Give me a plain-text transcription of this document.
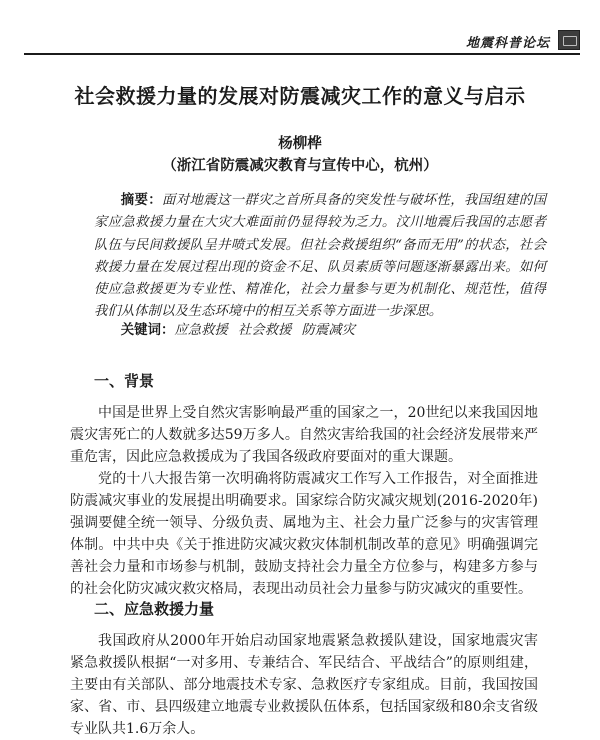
地震科普论坛
社会救援力量的发展对防震减灾工作的意义与启示
杨柳桦
（浙江省防震减灾教育与宣传中心，杭州）
摘要：面对地震这一群灾之首所具备的突发性与破坏性，我国组建的国家应急救援力量在大灾大难面前仍显得较为乏力。汶川地震后我国的志愿者队伍与民间救援队呈井喷式发展。但社会救援组织“备而无用”的状态，社会救援力量在发展过程出现的资金不足、队员素质等问题逐渐暴露出来。如何使应急救援更为专业性、精准化，社会力量参与更为机制化、规范性，值得我们从体制以及生态环境中的相互关系等方面进一步深思。
关键词：应急救援 社会救援 防震减灾
一、背景
中国是世界上受自然灾害影响最严重的国家之一，20世纪以来我国因地震灾害死亡的人数就多达59万多人。自然灾害给我国的社会经济发展带来严重危害，因此应急救援成为了我国各级政府要面对的重大课题。
党的十八大报告第一次明确将防震减灾工作写入工作报告，对全面推进防震减灾事业的发展提出明确要求。国家综合防灾减灾规划(2016-2020年)强调要健全统一领导、分级负责、属地为主、社会力量广泛参与的灾害管理体制。中共中央《关于推进防灾减灾救灾体制机制改革的意见》明确强调完善社会力量和市场参与机制，鼓励支持社会力量全方位参与，构建多方参与的社会化防灾减灾救灾格局，表现出动员社会力量参与防灾减灾的重要性。
二、应急救援力量
我国政府从2000年开始启动国家地震紧急救援队建设，国家地震灾害紧急救援队根据“一对多用、专兼结合、军民结合、平战结合”的原则组建，主要由有关部队、部分地震技术专家、急救医疗专家组成。目前，我国按国家、省、市、县四级建立地震专业救援队伍体系，包括国家级和80余支省级专业队共1.6万余人。
